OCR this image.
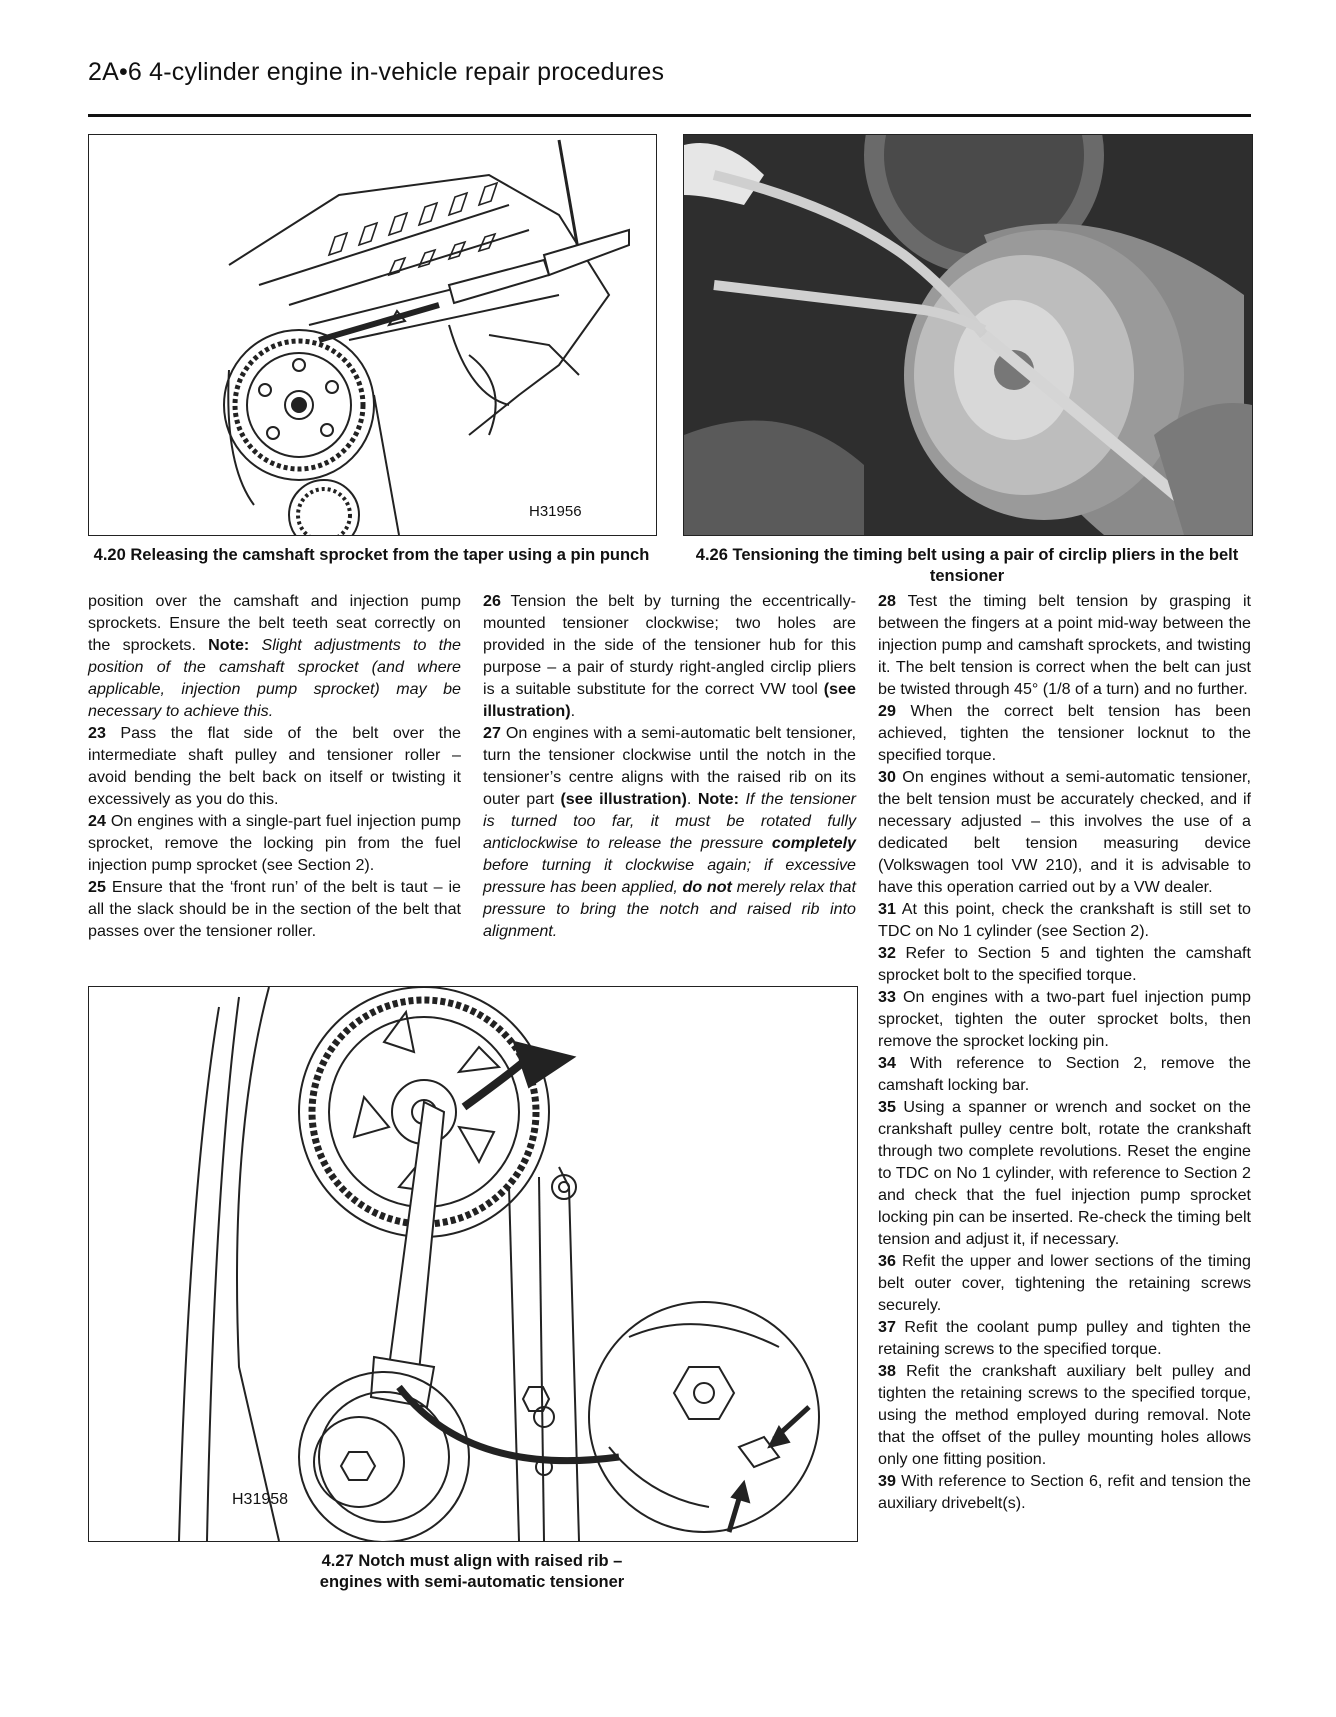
2A•6 4-cylinder engine in-vehicle repair procedures
H31956
4.20 Releasing the camshaft sprocket from the taper using a pin punch	4.26 Tensioning the timing belt using a pair of circlip pliers in the belt tensioner

position over the camshaft and injection pump sprockets. Ensure the belt teeth seat correctly on the sprockets. Note: Slight adjustments to the position of the camshaft sprocket (and where applicable, injection pump sprocket) may be necessary to achieve this.

23 Pass the flat side of the belt over the intermediate shaft pulley and tensioner roller – avoid bending the belt back on itself or twisting it excessively as you do this.

24 On engines with a single-part fuel injection pump sprocket, remove the locking pin from the fuel injection pump sprocket (see Section 2).

25 Ensure that the ‘front run’ of the belt is taut – ie all the slack should be in the section of the belt that passes over the tensioner roller.

26 Tension the belt by turning the eccentrically-mounted tensioner clockwise; two holes are provided in the side of the tensioner hub for this purpose – a pair of sturdy right-angled circlip pliers is a suitable substitute for the correct VW tool (see illustration).

27 On engines with a semi-automatic belt tensioner, turn the tensioner clockwise until the notch in the tensioner’s centre aligns with the raised rib on its outer part (see illustration). Note: If the tensioner is turned too far, it must be rotated fully anticlockwise to release the pressure completely before turning it clockwise again; if excessive pressure has been applied, do not merely relax that pressure to bring the notch and raised rib into alignment.

28 Test the timing belt tension by grasping it between the fingers at a point mid-way between the injection pump and camshaft sprockets, and twisting it. The belt tension is correct when the belt can just be twisted through 45° (1/8 of a turn) and no further.

29 When the correct belt tension has been achieved, tighten the tensioner locknut to the specified torque.

30 On engines without a semi-automatic tensioner, the belt tension must be accurately checked, and if necessary adjusted – this involves the use of a dedicated belt tension measuring device (Volkswagen tool VW 210), and it is advisable to have this operation carried out by a VW dealer.

31 At this point, check the crankshaft is still set to TDC on No 1 cylinder (see Section 2).

32 Refer to Section 5 and tighten the camshaft sprocket bolt to the specified torque.

33 On engines with a two-part fuel injection pump sprocket, tighten the outer sprocket bolts, then remove the sprocket locking pin.

34 With reference to Section 2, remove the camshaft locking bar.

35 Using a spanner or wrench and socket on the crankshaft pulley centre bolt, rotate the crankshaft through two complete revolutions. Reset the engine to TDC on No 1 cylinder, with reference to Section 2 and check that the fuel injection pump sprocket locking pin can be inserted. Re-check the timing belt tension and adjust it, if necessary.

36 Refit the upper and lower sections of the timing belt outer cover, tightening the retaining screws securely.

37 Refit the coolant pump pulley and tighten the retaining screws to the specified torque.

38 Refit the crankshaft auxiliary belt pulley and tighten the retaining screws to the specified torque, using the method employed during removal. Note that the offset of the pulley mounting holes allows only one fitting position.

39 With reference to Section 6, refit and tension the auxiliary drivebelt(s).

H31958
4.27 Notch must align with raised rib –
engines with semi-automatic tensioner
